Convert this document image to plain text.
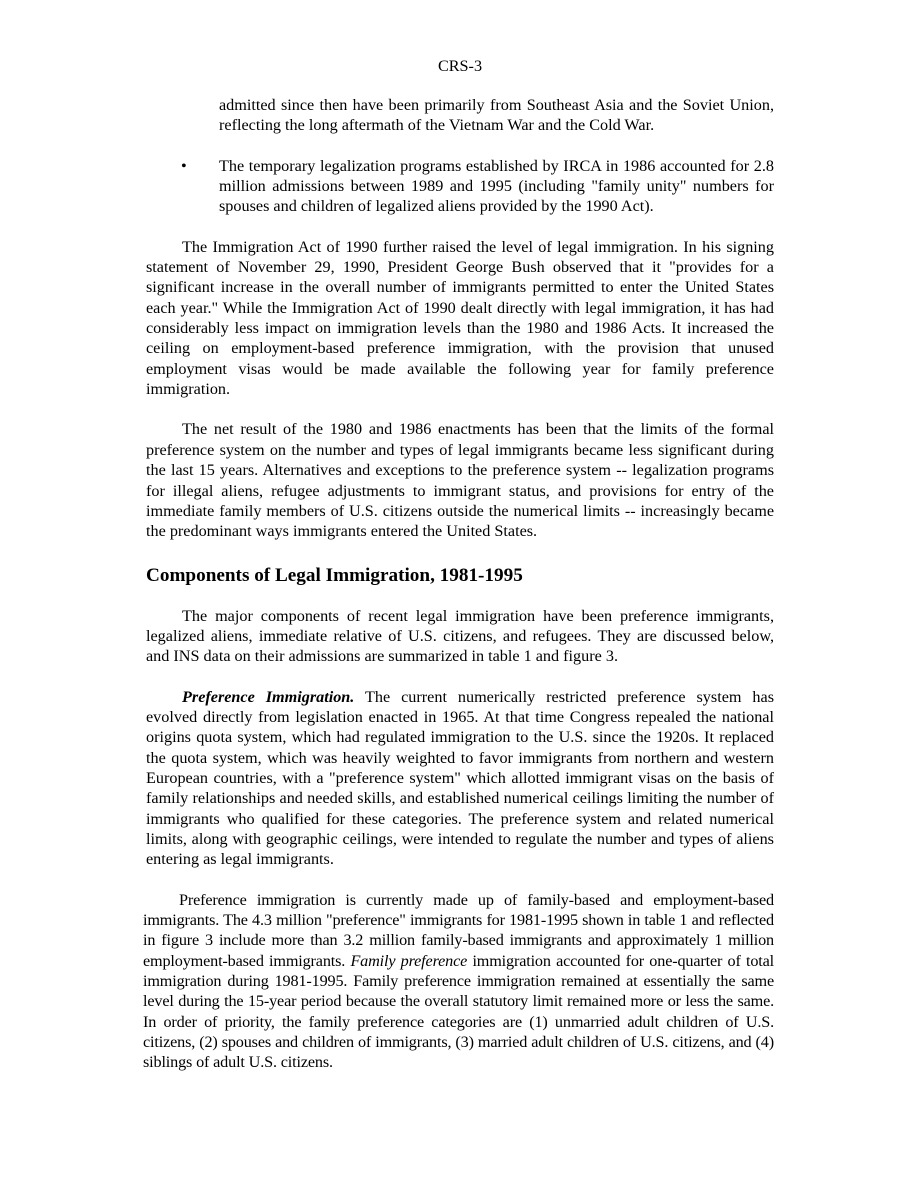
CRS-3

admitted since then have been primarily from Southeast Asia and the Soviet Union, reflecting the long aftermath of the Vietnam War and the Cold War.

• The temporary legalization programs established by IRCA in 1986 accounted for 2.8 million admissions between 1989 and 1995 (including "family unity" numbers for spouses and children of legalized aliens provided by the 1990 Act).

The Immigration Act of 1990 further raised the level of legal immigration. In his signing statement of November 29, 1990, President George Bush observed that it "provides for a significant increase in the overall number of immigrants permitted to enter the United States each year." While the Immigration Act of 1990 dealt directly with legal immigration, it has had considerably less impact on immigration levels than the 1980 and 1986 Acts. It increased the ceiling on employment-based preference immigration, with the provision that unused employment visas would be made available the following year for family preference immigration.

The net result of the 1980 and 1986 enactments has been that the limits of the formal preference system on the number and types of legal immigrants became less significant during the last 15 years. Alternatives and exceptions to the preference system -- legalization programs for illegal aliens, refugee adjustments to immigrant status, and provisions for entry of the immediate family members of U.S. citizens outside the numerical limits -- increasingly became the predominant ways immigrants entered the United States.

Components of Legal Immigration, 1981-1995

The major components of recent legal immigration have been preference immigrants, legalized aliens, immediate relative of U.S. citizens, and refugees. They are discussed below, and INS data on their admissions are summarized in table 1 and figure 3.

Preference Immigration. The current numerically restricted preference system has evolved directly from legislation enacted in 1965. At that time Congress repealed the national origins quota system, which had regulated immigration to the U.S. since the 1920s. It replaced the quota system, which was heavily weighted to favor immigrants from northern and western European countries, with a "preference system" which allotted immigrant visas on the basis of family relationships and needed skills, and established numerical ceilings limiting the number of immigrants who qualified for these categories. The preference system and related numerical limits, along with geographic ceilings, were intended to regulate the number and types of aliens entering as legal immigrants.

Preference immigration is currently made up of family-based and employment-based immigrants. The 4.3 million "preference" immigrants for 1981-1995 shown in table 1 and reflected in figure 3 include more than 3.2 million family-based immigrants and approximately 1 million employment-based immigrants. Family preference immigration accounted for one-quarter of total immigration during 1981-1995. Family preference immigration remained at essentially the same level during the 15-year period because the overall statutory limit remained more or less the same. In order of priority, the family preference categories are (1) unmarried adult children of U.S. citizens, (2) spouses and children of immigrants, (3) married adult children of U.S. citizens, and (4) siblings of adult U.S. citizens.
